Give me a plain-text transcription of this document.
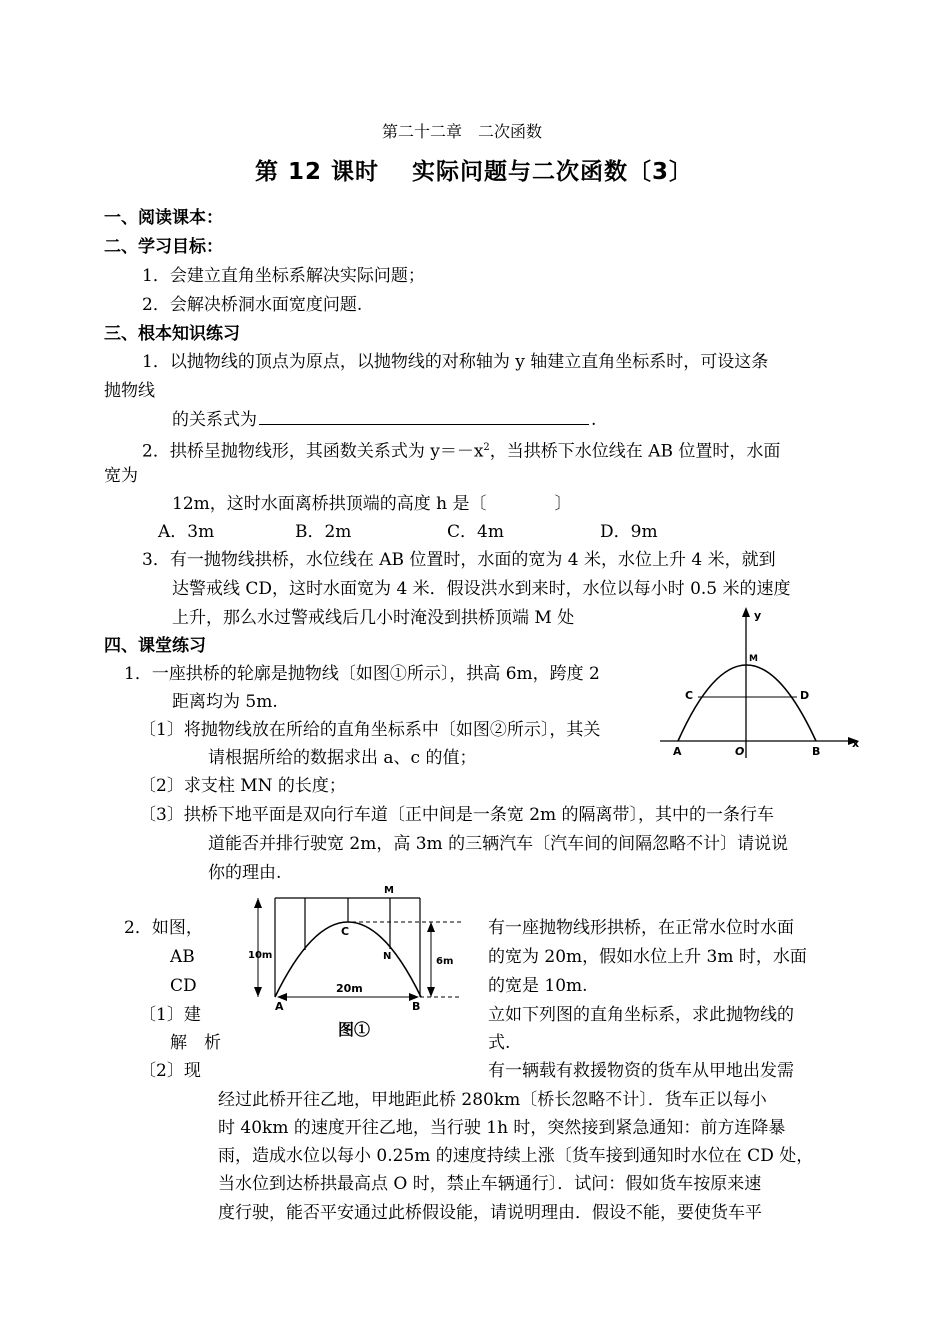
第二十二章　二次函数
第 12 课时　 实际问题与二次函数〔3〕
一、阅读课本：
二、学习目标：
1．会建立直角坐标系解决实际问题；
2．会解决桥洞水面宽度问题.
三、根本知识练习
1．以抛物线的顶点为原点，以抛物线的对称轴为 y 轴建立直角坐标系时，可设这条
抛物线
的关系式为	.
2．拱桥呈抛物线形，其函数关系式为 $y=-x^2$，当拱桥下水位线在 AB 位置时，水面
宽为
12m，这时水面离桥拱顶端的高度 h 是〔　　　　〕
A．3m	B．2m	C．4m	D．9m
3．有一抛物线拱桥，水位线在 AB 位置时，水面的宽为 4 米，水位上升 4 米，就到
达警戒线 CD，这时水面宽为 4 米．假设洪水到来时，水位以每小时 0.5 米的速度
上升，那么水过警戒线后几小时淹没到拱桥顶端 M 处
四、课堂练习
1．一座拱桥的轮廓是抛物线〔如图①所示〕，拱高 6m，跨度 2
距离均为 5m.
〔1〕将抛物线放在所给的直角坐标系中〔如图②所示〕，其关
请根据所给的数据求出 a、c 的值；
〔2〕求支柱 MN 的长度；
〔3〕拱桥下地平面是双向行车道〔正中间是一条宽 2m 的隔离带〕，其中的一条行车
道能否并排行驶宽 2m，高 3m 的三辆汽车〔汽车间的间隔忽略不计〕请说说
你的理由.
y
x
M
C	D
A	O	B
M
C
N
A	B
10m
6m
20m
图①
2．如图，
AB
CD
〔1〕建
解　析
〔2〕现
有一座抛物线形拱桥，在正常水位时水面
的宽为 20m，假如水位上升 3m 时，水面
的宽是 10m.
立如下列图的直角坐标系，求此抛物线的
式.
有一辆载有救援物资的货车从甲地出发需
经过此桥开往乙地，甲地距此桥 280km〔桥长忽略不计〕．货车正以每小
时 40km 的速度开往乙地，当行驶 1h 时，突然接到紧急通知：前方连降暴
雨，造成水位以每小 0.25m 的速度持续上涨〔货车接到通知时水位在 CD 处，
当水位到达桥拱最高点 O 时，禁止车辆通行〕．试问：假如货车按原来速
度行驶，能否平安通过此桥假设能，请说明理由．假设不能，要使货车平
